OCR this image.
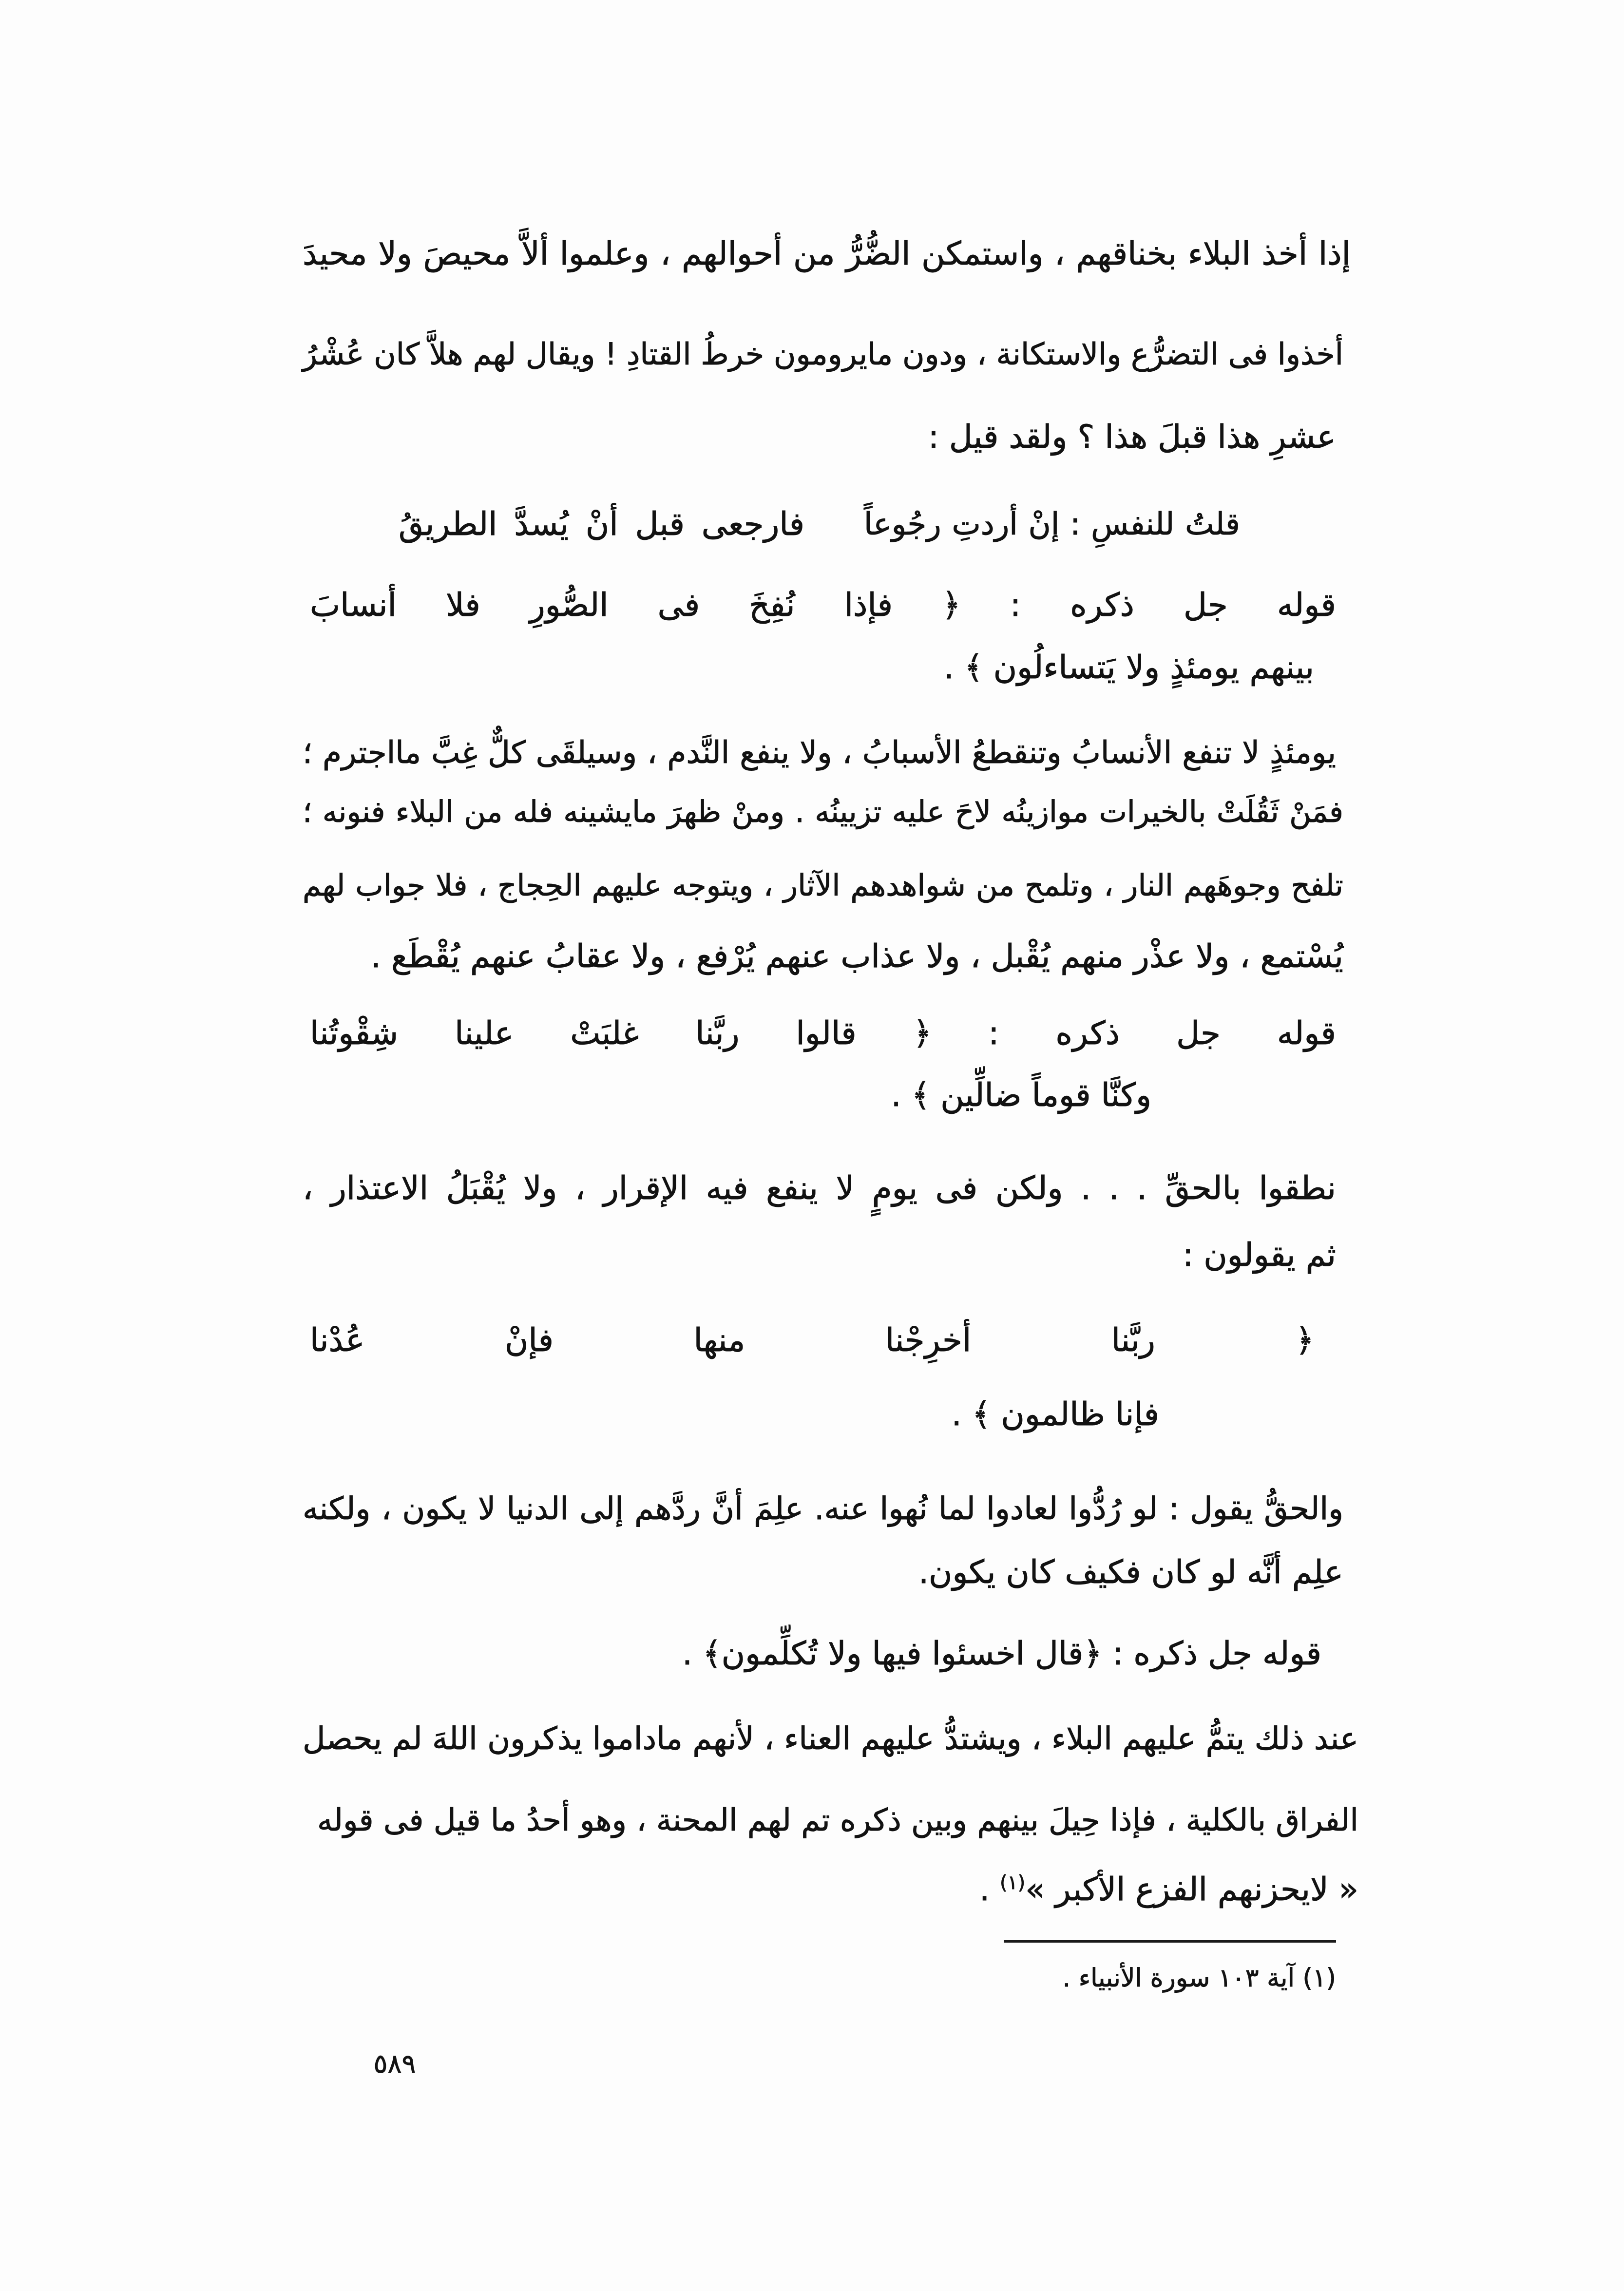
إذا أخذ البلاء بخناقهم ، واستمكن الضُّرُّ من أحوالهم ، وعلموا ألاَّ محيصَ ولا محيدَ
أخذوا فى التضرُّع والاستكانة ، ودون مايرومون خرطُ القتادِ ! ويقال لهم هلاَّ كان عُشْرُ
عشرِ هذا قبلَ هذا ؟ ولقد قيل :
قلتُ للنفسِ : إنْ أردتِ رجُوعاً
فارجعى قبل أنْ يُسدَّ الطريقُ
قوله جل ذكره : ﴿ فإذا نُفِخَ فى الصُّورِ فلا أنسابَ
بينهم يومئذٍ ولا يَتساءلُون ﴾ .
يومئذٍ لا تنفع الأنسابُ وتنقطعُ الأسبابُ ، ولا ينفع النَّدم ، وسيلقَى كلٌّ غِبَّ مااجترم ؛
فمَنْ ثَقُلَتْ بالخيرات موازينُه لاحَ عليه تزيينُه . ومنْ ظهرَ مايشينه فله من البلاء فنونه ؛
تلفح وجوهَهم النار ، وتلمح من شواهدهم الآثار ، ويتوجه عليهم الحِجاج ، فلا جواب لهم
يُسْتمع ، ولا عذْر منهم يُقْبل ، ولا عذاب عنهم يُرْفع ، ولا عقابُ عنهم يُقْطَع .
قوله جل ذكره : ﴿ قالوا ربَّنا غلبَتْ علينا شِقْوتُنا
وكنَّا قوماً ضالِّين ﴾ .
نطقوا بالحقِّ . . . ولكن فى يومٍ لا ينفع فيه الإقرار ، ولا يُقْبَلُ الاعتذار ،
ثم يقولون :
﴿ ربَّنا أخرِجْنا منها فإنْ عُدْنا
فإنا ظالمون ﴾ .
والحقُّ يقول : لو رُدُّوا لعادوا لما نُهوا عنه. علِمَ أنَّ ردَّهم إلى الدنيا لا يكون ، ولكنه
علِم أنَّه لو كان فكيف كان يكون.
قوله جل ذكره : ﴿قال اخسئوا فيها ولا تُكلِّمون﴾ .
عند ذلك يتمُّ عليهم البلاء ، ويشتدُّ عليهم العناء ، لأنهم ماداموا يذكرون اللهَ لم يحصل
الفراق بالكلية ، فإذا حِيلَ بينهم وبين ذكره تم لهم المحنة ، وهو أحدُ ما قيل فى قوله
« لايحزنهم الفزع الأكبر »$^{(١)}$ .
(١) آية ١٠٣ سورة الأنبياء .
٥٨٩
